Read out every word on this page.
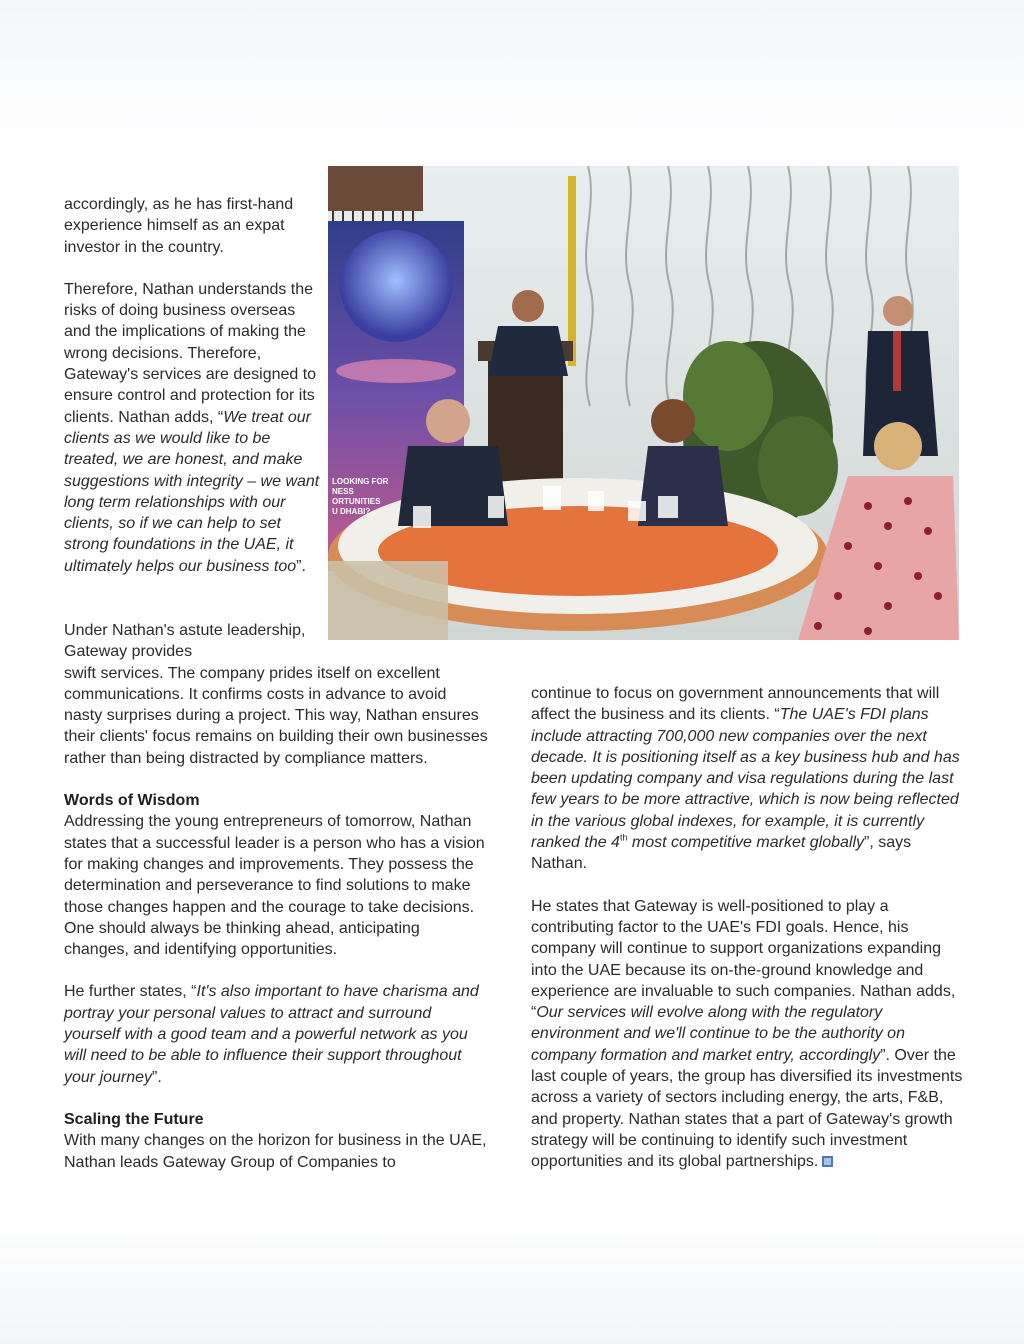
accordingly, as he has first-hand experience himself as an expat investor in the country.

Therefore, Nathan understands the risks of doing business overseas and the implications of making the wrong decisions. Therefore, Gateway's services are designed to ensure control and protection for its clients. Nathan adds, “We treat our clients as we would like to be treated, we are honest, and make suggestions with integrity – we want long term relationships with our clients, so if we can help to set strong foundations in the UAE, it ultimately helps our business too”.

LOOKING FOR
NESS
ORTUNITIES
U DHABI?

Under Nathan's astute leadership, Gateway provides
swift services. The company prides itself on excellent communications. It confirms costs in advance to avoid nasty surprises during a project. This way, Nathan ensures their clients' focus remains on building their own businesses rather than being distracted by compliance matters.

Words of Wisdom

Addressing the young entrepreneurs of tomorrow, Nathan states that a successful leader is a person who has a vision for making changes and improvements. They possess the determination and perseverance to find solutions to make those changes happen and the courage to take decisions. One should always be thinking ahead, anticipating changes, and identifying opportunities.

He further states, “It's also important to have charisma and portray your personal values to attract and surround yourself with a good team and a powerful network as you will need to be able to influence their support throughout your journey”.

Scaling the Future

With many changes on the horizon for business in the UAE, Nathan leads Gateway Group of Companies to

continue to focus on government announcements that will affect the business and its clients. “The UAE's FDI plans include attracting 700,000 new companies over the next decade. It is positioning itself as a key business hub and has been updating company and visa regulations during the last few years to be more attractive, which is now being reflected in the various global indexes, for example, it is currently ranked the 4th most competitive market globally”, says Nathan.

He states that Gateway is well-positioned to play a contributing factor to the UAE's FDI goals. Hence, his company will continue to support organizations expanding into the UAE because its on-the-ground knowledge and experience are invaluable to such companies. Nathan adds, “Our services will evolve along with the regulatory environment and we'll continue to be the authority on company formation and market entry, accordingly”. Over the last couple of years, the group has diversified its investments across a variety of sectors including energy, the arts, F&B, and property. Nathan states that a part of Gateway's growth strategy will be continuing to identify such investment opportunities and its global partnerships.
